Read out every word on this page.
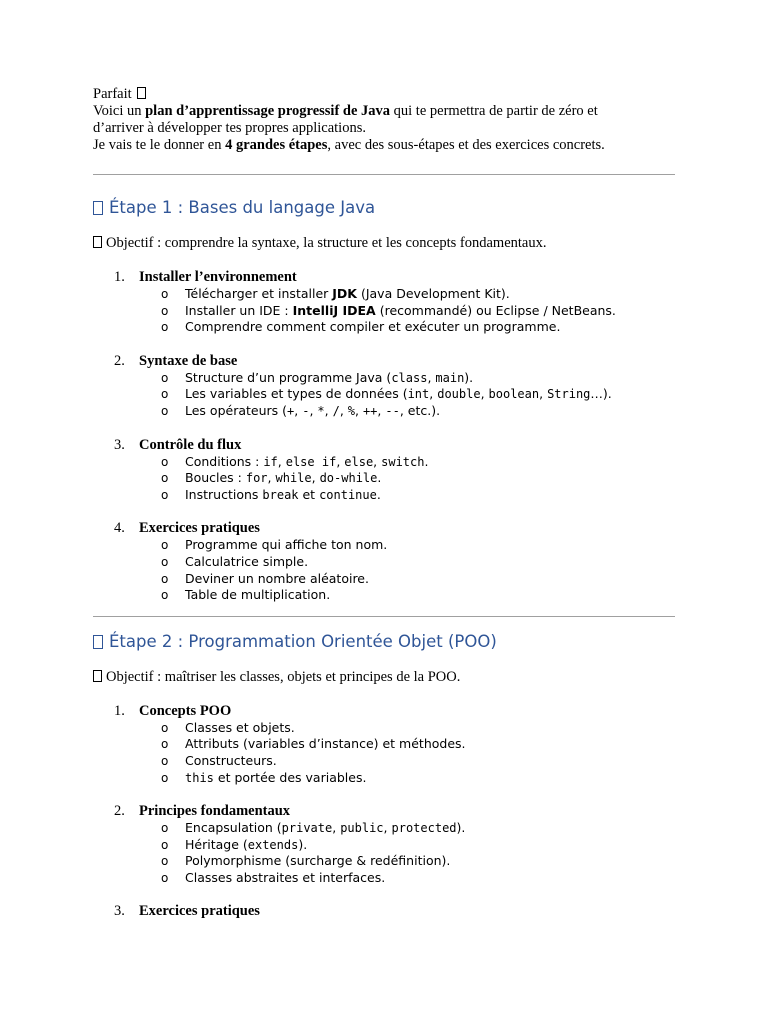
Parfait

Voici un plan d’apprentissage progressif de Java qui te permettra de partir de zéro et

d’arriver à développer tes propres applications.

Je vais te le donner en 4 grandes étapes, avec des sous-étapes et des exercices concrets.

Étape 1 : Bases du langage Java

Objectif : comprendre la syntaxe, la structure et les concepts fondamentaux.

1. Installer l’environnement
o Télécharger et installer JDK (Java Development Kit).
o Installer un IDE : IntelliJ IDEA (recommandé) ou Eclipse / NetBeans.
o Comprendre comment compiler et exécuter un programme.
2. Syntaxe de base
o Structure d’un programme Java (class, main).
o Les variables et types de données (int, double, boolean, String…).
o Les opérateurs (+, -, *, /, %, ++, --, etc.).
3. Contrôle du flux
o Conditions : if, else if, else, switch.
o Boucles : for, while, do-while.
o Instructions break et continue.
4. Exercices pratiques
o Programme qui affiche ton nom.
o Calculatrice simple.
o Deviner un nombre aléatoire.
o Table de multiplication.
Étape 2 : Programmation Orientée Objet (POO)

Objectif : maîtriser les classes, objets et principes de la POO.

1. Concepts POO
o Classes et objets.
o Attributs (variables d’instance) et méthodes.
o Constructeurs.
o this et portée des variables.
2. Principes fondamentaux
o Encapsulation (private, public, protected).
o Héritage (extends).
o Polymorphisme (surcharge & redéfinition).
o Classes abstraites et interfaces.
3. Exercices pratiques
